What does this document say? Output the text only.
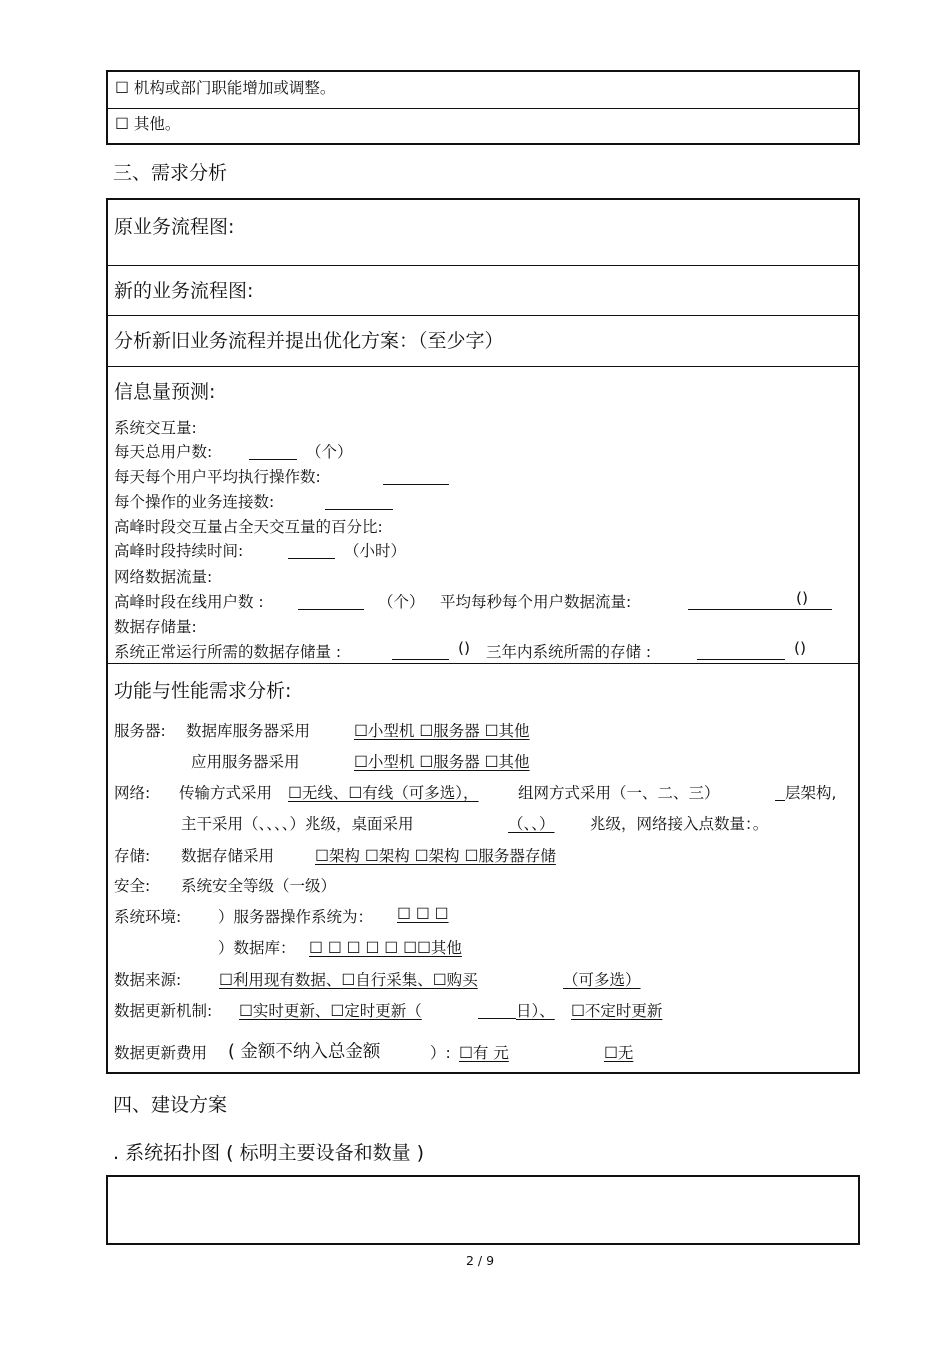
☐ 机构或部门职能增加或调整。
☐ 其他。
三、需求分析
原业务流程图:
新的业务流程图:
分析新旧业务流程并提出优化方案：（至少字）
信息量预测:
系统交互量:
每天总用户数:	（个）
每天每个用户平均执行操作数:
每个操作的业务连接数:
高峰时段交互量占全天交互量的百分比:
高峰时段持续时间:	（小时）
网络数据流量:
高峰时段在线用户数 :	（个） 平均每秒每个用户数据流量:	()
数据存储量:
系统正常运行所需的数据存储量 :	() 三年内系统所需的存储 :	()
功能与性能需求分析:
服务器: 数据库服务器采用	☐小型机 ☐服务器 ☐其他
应用服务器采用	☐小型机 ☐服务器 ☐其他
网络: 传输方式采用 ☐无线、☐有线（可多选），	组网方式采用（一、二、三）	层架构,
主干采用（、、、、）兆级，桌面采用	（、、） 兆级，网络接入点数量：。
存储: 数据存储采用	☐架构 ☐架构 ☐架构 ☐服务器存储
安全: 系统安全等级（一级）
系统环境: ）服务器操作系统为： ☐ ☐ ☐
）数据库： ☐ ☐ ☐ ☐ ☐ ☐☐其他
数据来源: ☐利用现有数据、☐自行采集、☐购买	（可多选）
数据更新机制: ☐实时更新、☐定时更新（	日）、 ☐不定时更新
数据更新费用 ( 金额不纳入总金额	）: ☐有 元	☐无
四、建设方案
. 系统拓扑图 ( 标明主要设备和数量 )
2 / 9
